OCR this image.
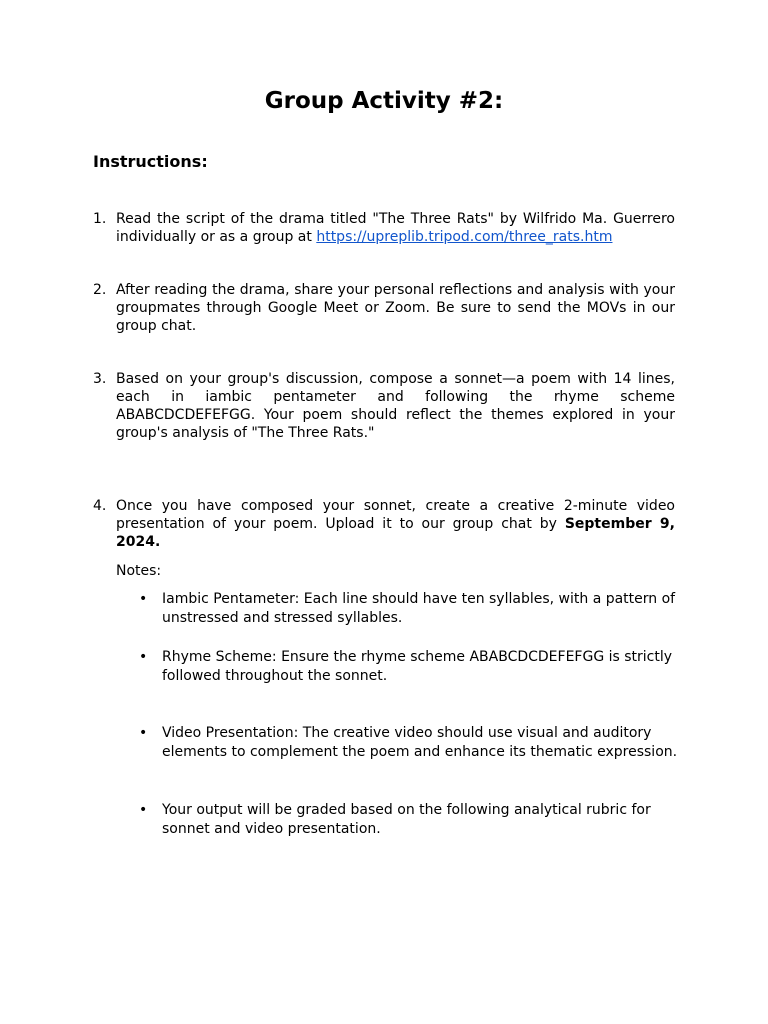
Group Activity #2:
Instructions:
1. Read the script of the drama titled "The Three Rats" by Wilfrido Ma. Guerrero individually or as a group at https://upreplib.tripod.com/three_rats.htm
2. After reading the drama, share your personal reflections and analysis with your groupmates through Google Meet or Zoom. Be sure to send the MOVs in our group chat.
3. Based on your group's discussion, compose a sonnet—a poem with 14 lines, each in iambic pentameter and following the rhyme scheme ABABCDCDEFEFGG. Your poem should reflect the themes explored in your group's analysis of "The Three Rats."
4. Once you have composed your sonnet, create a creative 2-minute video presentation of your poem. Upload it to our group chat by September 9, 2024.
Notes:
• Iambic Pentameter: Each line should have ten syllables, with a pattern of unstressed and stressed syllables.
• Rhyme Scheme: Ensure the rhyme scheme ABABCDCDEFEFGG is strictly followed throughout the sonnet.
• Video Presentation: The creative video should use visual and auditory elements to complement the poem and enhance its thematic expression.
• Your output will be graded based on the following analytical rubric for sonnet and video presentation.
